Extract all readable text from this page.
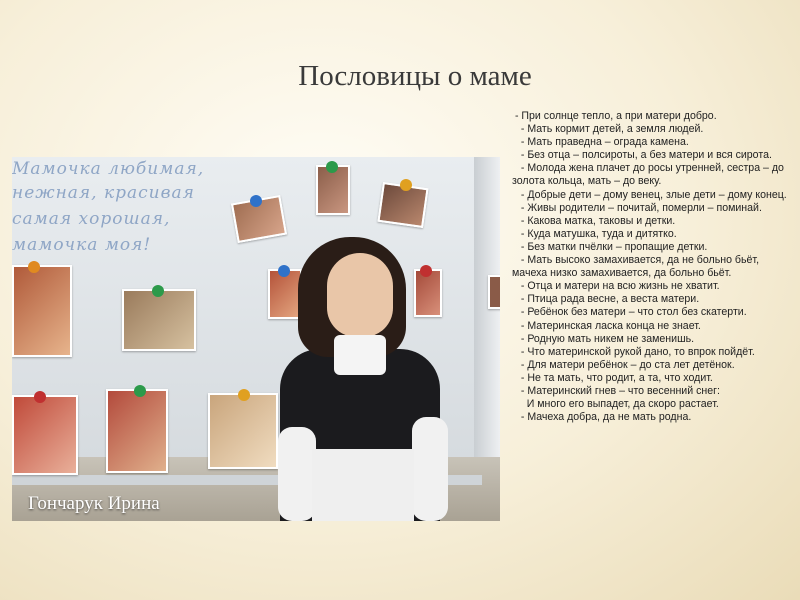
Пословицы о маме
Мамочка любимая,
нежная, красивая
самая хорошая,
мамочка моя!
Гончарук Ирина
- При солнце тепло, а при матери добро.
- Мать кормит детей, а земля людей.
- Мать праведна – ограда камена.
- Без отца – полсироты, а без матери и вся сирота.
- Молода жена плачет до росы утренней, сестра – до золота кольца, мать – до веку.
- Добрые дети – дому венец, злые дети – дому конец.
- Живы родители – почитай, померли – поминай.
- Какова матка, таковы и детки.
- Куда матушка, туда и дитятко.
- Без матки пчёлки – пропащие детки.
- Мать высоко замахивается, да не больно бьёт, мачеха низко замахивается, да больно бьёт.
- Отца и матери на всю жизнь не хватит.
- Птица рада весне, а веста матери.
- Ребёнок без матери – что стол без скатерти.
- Материнская ласка конца не знает.
- Родную мать никем не заменишь.
- Что материнской рукой дано, то впрок пойдёт.
- Для матери ребёнок – до ста лет детёнок.
- Не та мать, что родит, а та, что ходит.
- Материнский гнев – что весенний снег:
И много его выпадет, да скоро растает.
- Мачеха добра, да не мать родна.
